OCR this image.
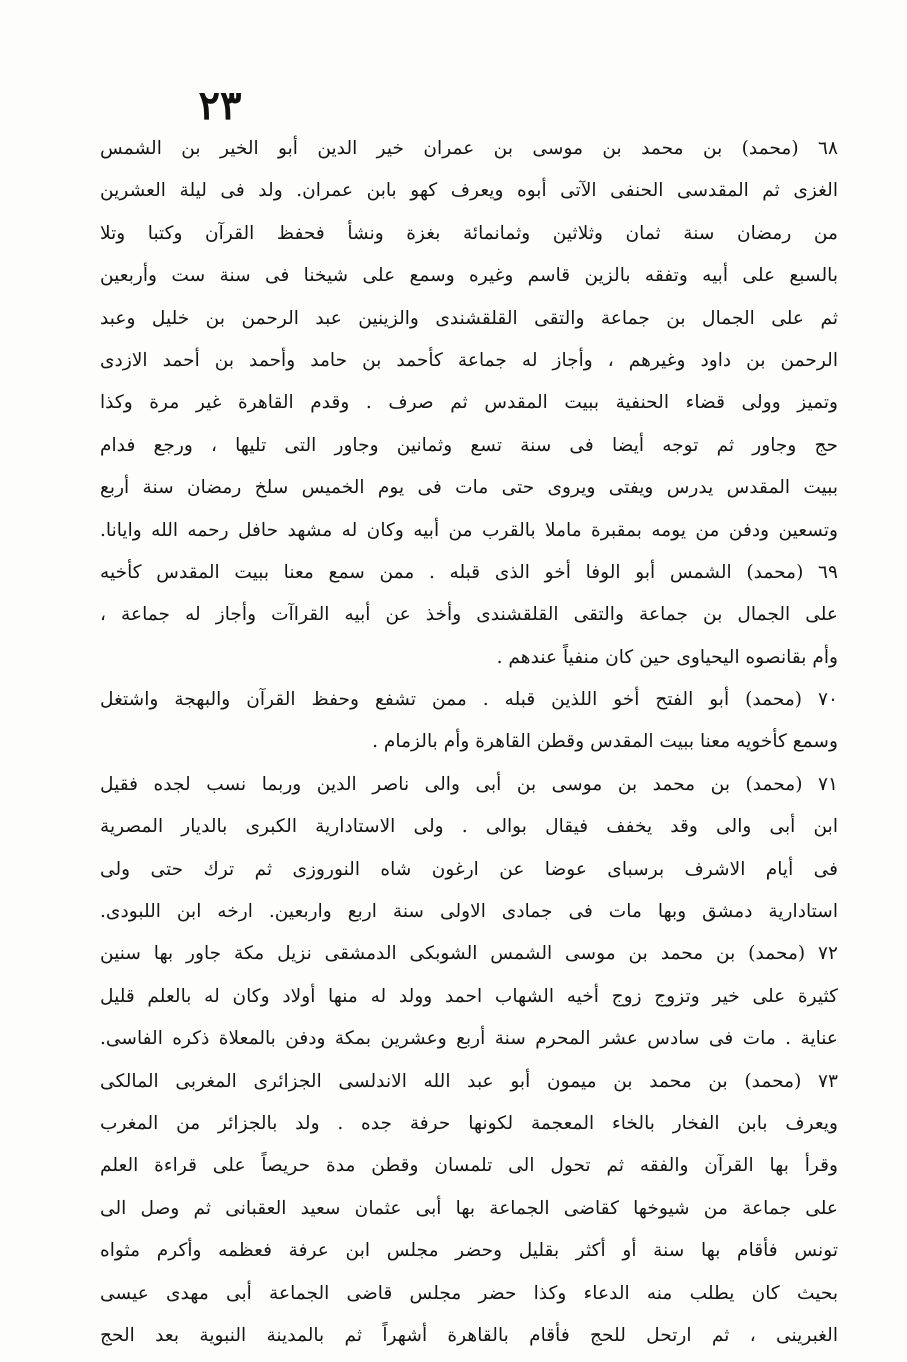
٢٣
٦٨ (محمد) بن محمد بن موسى بن عمران خير الدين أبو الخير بن الشمس
الغزى ثم المقدسى الحنفى الآتى أبوه ويعرف كهو بابن عمران. ولد فى ليلة العشرين
من رمضان سنة ثمان وثلاثين وثمانمائة بغزة ونشأ فحفظ القرآن وكتبا وتلا
بالسبع على أبيه وتفقه بالزين قاسم وغيره وسمع على شيخنا فى سنة ست وأربعين
ثم على الجمال بن جماعة والتقى القلقشندى والزينين عبد الرحمن بن خليل وعبد
الرحمن بن داود وغيرهم ، وأجاز له جماعة كأحمد بن حامد وأحمد بن أحمد الازدى
وتميز وولى قضاء الحنفية ببيت المقدس ثم صرف . وقدم القاهرة غير مرة وكذا
حج وجاور ثم توجه أيضا فى سنة تسع وثمانين وجاور التى تليها ، ورجع فدام
ببيت المقدس يدرس ويفتى ويروى حتى مات فى يوم الخميس سلخ رمضان سنة أربع
وتسعين ودفن من يومه بمقبرة ماملا بالقرب من أبيه وكان له مشهد حافل رحمه الله وايانا.
٦٩ (محمد) الشمس أبو الوفا أخو الذى قبله . ممن سمع معنا ببيت المقدس كأخيه
على الجمال بن جماعة والتقى القلقشندى وأخذ عن أبيه القراآت وأجاز له جماعة ،
وأم بقانصوه اليحياوى حين كان منفياً عندهم .
٧٠ (محمد) أبو الفتح أخو اللذين قبله . ممن تشفع وحفظ القرآن والبهجة واشتغل
وسمع كأخويه معنا ببيت المقدس وقطن القاهرة وأم بالزمام .
٧١ (محمد) بن محمد بن موسى بن أبى والى ناصر الدين وربما نسب لجده فقيل
ابن أبى والى وقد يخفف فيقال بوالى . ولى الاستادارية الكبرى بالديار المصرية
فى أيام الاشرف برسباى عوضا عن ارغون شاه النوروزى ثم ترك حتى ولى
استادارية دمشق وبها مات فى جمادى الاولى سنة اربع واربعين. ارخه ابن اللبودى.
٧٢ (محمد) بن محمد بن موسى الشمس الشوبكى الدمشقى نزيل مكة جاور بها سنين
كثيرة على خير وتزوج زوج أخيه الشهاب احمد وولد له منها أولاد وكان له بالعلم قليل
عناية . مات فى سادس عشر المحرم سنة أربع وعشرين بمكة ودفن بالمعلاة ذكره الفاسى.
٧٣ (محمد) بن محمد بن ميمون أبو عبد الله الاندلسى الجزائرى المغربى المالكى
ويعرف بابن الفخار بالخاء المعجمة لكونها حرفة جده . ولد بالجزائر من المغرب
وقرأ بها القرآن والفقه ثم تحول الى تلمسان وقطن مدة حريصاً على قراءة العلم
على جماعة من شيوخها كقاضى الجماعة بها أبى عثمان سعيد العقبانى ثم وصل الى
تونس فأقام بها سنة أو أكثر بقليل وحضر مجلس ابن عرفة فعظمه وأكرم مثواه
بحيث كان يطلب منه الدعاء وكذا حضر مجلس قاضى الجماعة أبى مهدى عيسى
الغبرينى ، ثم ارتحل للحج فأقام بالقاهرة أشهراً ثم بالمدينة النبوية بعد الحج
